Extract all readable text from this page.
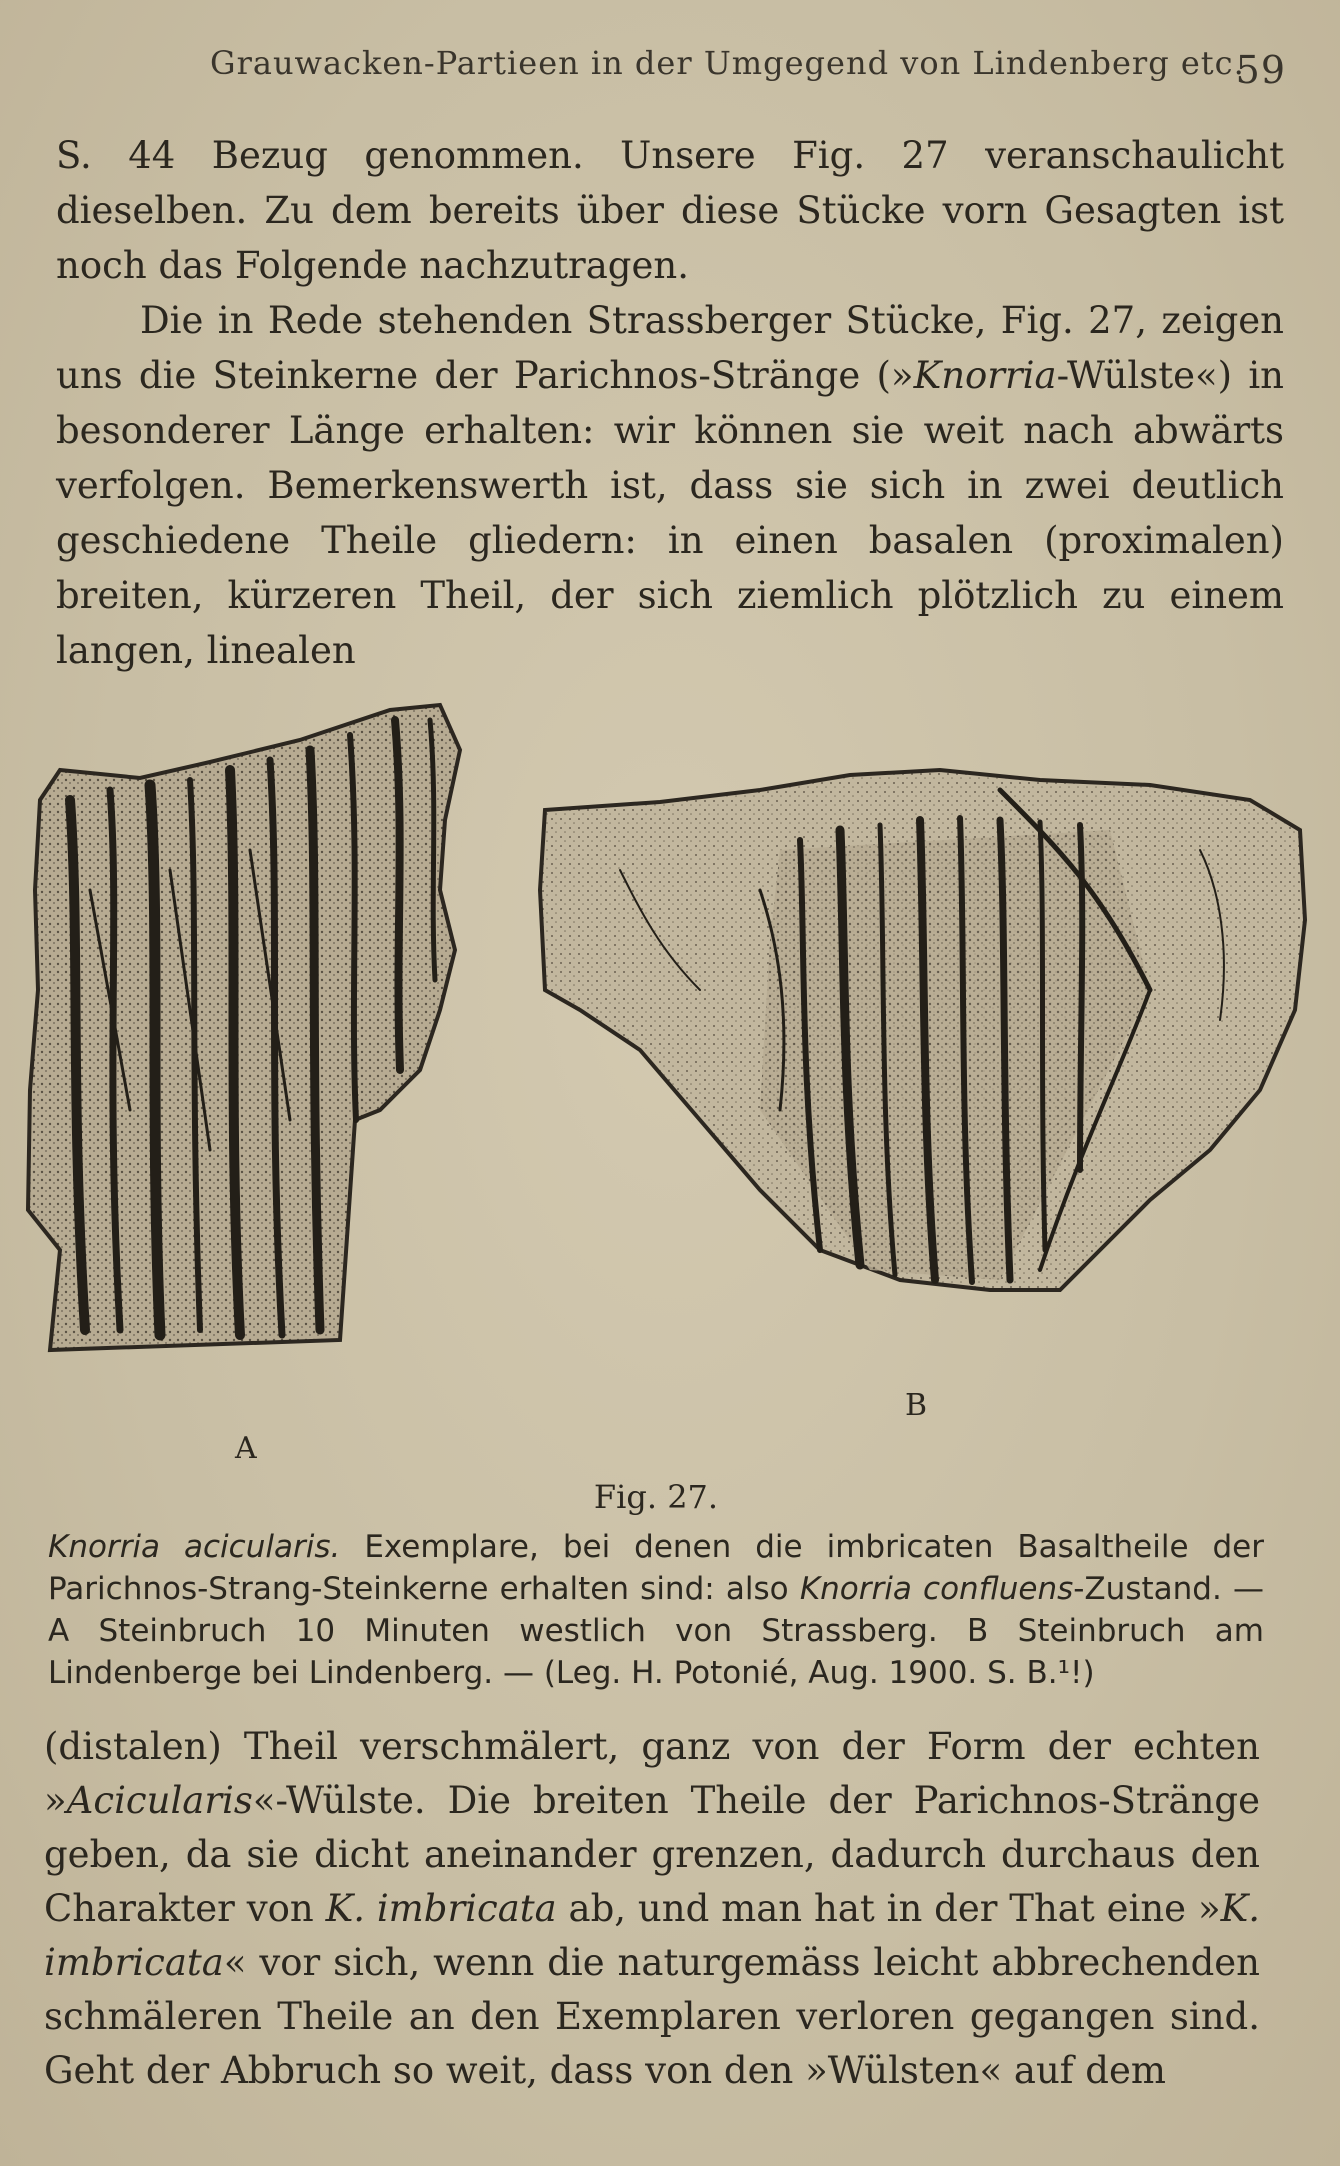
Grauwacken-Partieen in der Umgegend von Lindenberg etc.
59

S. 44 Bezug genommen. Unsere Fig. 27 veranschaulicht dieselben. Zu dem bereits über diese Stücke vorn Gesagten ist noch das Folgende nachzutragen.

Die in Rede stehenden Strassberger Stücke, Fig. 27, zeigen uns die Steinkerne der Parichnos-Stränge (»Knorria-Wülste«) in besonderer Länge erhalten: wir können sie weit nach abwärts verfolgen. Bemerkenswerth ist, dass sie sich in zwei deutlich geschiedene Theile gliedern: in einen basalen (proximalen) breiten, kürzeren Theil, der sich ziemlich plötzlich zu einem langen, linealen

A
B
Fig. 27.
Knorria acicularis. Exemplare, bei denen die imbricaten Basaltheile der Parichnos-Strang-Steinkerne erhalten sind: also Knorria confluens-Zustand. — A Steinbruch 10 Minuten westlich von Strassberg. B Steinbruch am Lindenberge bei Lindenberg. — (Leg. H. Potonié, Aug. 1900. S. B.¹!)

(distalen) Theil verschmälert, ganz von der Form der echten »Acicularis«-Wülste. Die breiten Theile der Parichnos-Stränge geben, da sie dicht aneinander grenzen, dadurch durchaus den Charakter von K. imbricata ab, und man hat in der That eine »K. imbricata« vor sich, wenn die naturgemäss leicht abbrechenden schmäleren Theile an den Exemplaren verloren gegangen sind. Geht der Abbruch so weit, dass von den »Wülsten« auf dem
